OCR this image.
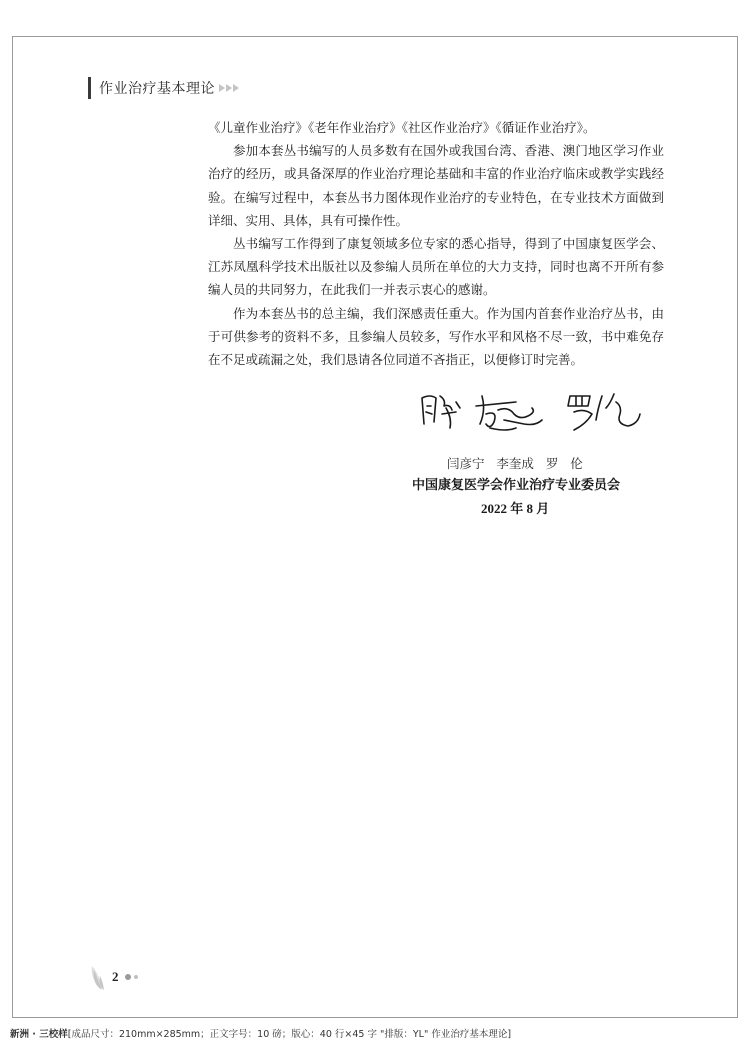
作业治疗基本理论

《儿童作业治疗》《老年作业治疗》《社区作业治疗》《循证作业治疗》。

参加本套丛书编写的人员多数有在国外或我国台湾、香港、澳门地区学习作业治疗的经历，或具备深厚的作业治疗理论基础和丰富的作业治疗临床或教学实践经验。在编写过程中，本套丛书力图体现作业治疗的专业特色，在专业技术方面做到详细、实用、具体，具有可操作性。

丛书编写工作得到了康复领域多位专家的悉心指导，得到了中国康复医学会、江苏凤凰科学技术出版社以及参编人员所在单位的大力支持，同时也离不开所有参编人员的共同努力，在此我们一并表示衷心的感谢。

作为本套丛书的总主编，我们深感责任重大。作为国内首套作业治疗丛书，由于可供参考的资料不多，且参编人员较多，写作水平和风格不尽一致，书中难免存在不足或疏漏之处，我们恳请各位同道不吝指正，以便修订时完善。

闫彦宁   李奎成   罗   伦
中国康复医学会作业治疗专业委员会
2022 年 8 月
2
新洲 · 三校样[成品尺寸：210mm×285mm；正文字号：10 磅；版心：40 行×45 字 "排版：YL" 作业治疗基本理论]
